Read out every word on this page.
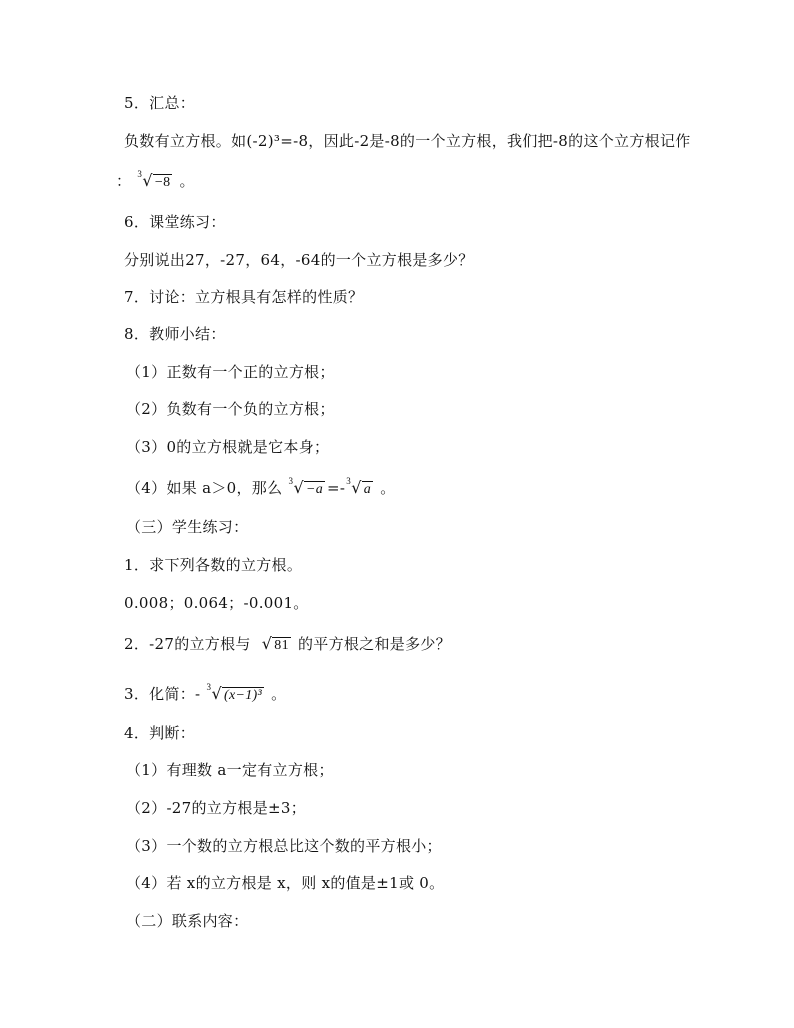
5．汇总：
负数有立方根。如(-2)³=-8，因此-2是-8的一个立方根，我们把-8的这个立方根记作
： 3 √ −8 。
6．课堂练习：
分别说出27，-27，64，-64的一个立方根是多少？
7．讨论：立方根具有怎样的性质？
8．教师小结：
（1）正数有一个正的立方根；
（2）负数有一个负的立方根；
（3）0的立方根就是它本身；
（4）如果 a＞0，那么 3 √ −a =- 3 √ a 。
（三）学生练习：
1．求下列各数的立方根。
0.008；0.064；-0.001。
2．-27的立方根与 √ 81 的平方根之和是多少？
3．化简：- 3 √ (x−1)³ 。
4．判断：
（1）有理数 a一定有立方根；
（2）-27的立方根是±3；
（3）一个数的立方根总比这个数的平方根小；
（4）若 x的立方根是 x，则 x的值是±1或 0。
（二）联系内容：
